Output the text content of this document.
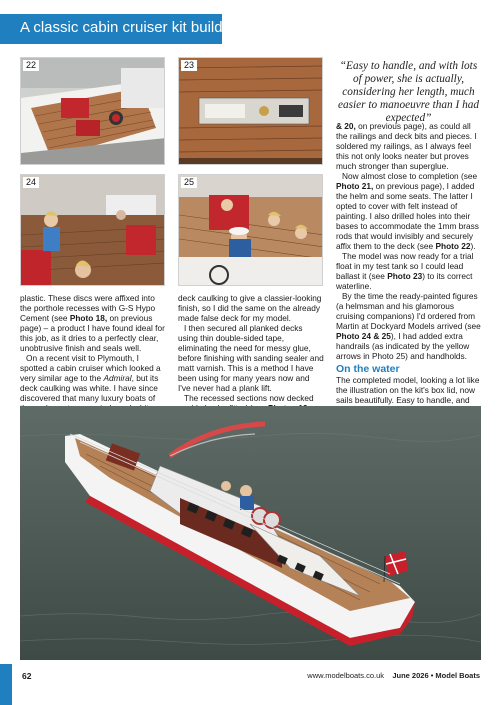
A classic cabin cruiser kit build
22	23
24	25

plastic. These discs were affixed into the porthole recesses with G-S Hypo Cement (see Photo 18, on previous page) – a product I have found ideal for this job, as it dries to a perfectly clear, unobtrusive finish and seals well.

On a recent visit to Plymouth, I spotted a cabin cruiser which looked a very similar age to the Admiral, but its deck caulking was white. I have since discovered that many luxury boats of

deck caulking to give a classier-looking finish, so I did the same on the already made false deck for my model.

I then secured all planked decks using thin double-sided tape, eliminating the need for messy glue, before finishing with sanding sealer and matt varnish. This is a method I have been using for many years now and I've never had a plank lift.

The recessed sections now decked

“Easy to handle, and with lots of power, she is actually, considering her length, much easier to manoeuvre than I had expected”

& 20, on previous page), as could all the railings and deck bits and pieces. I soldered my railings, as I always feel this not only looks neater but proves much stronger than superglue.

Now almost close to completion (see Photo 21, on previous page), I added the helm and some seats. The latter I opted to cover with felt instead of painting. I also drilled holes into their bases to accommodate the 1mm brass rods that would invisibly and securely affix them to the deck (see Photo 22).

The model was now ready for a trial float in my test tank so I could lead ballast it (see Photo 23) to its correct waterline.

By the time the ready-painted figures (a helmsman and his glamorous cruising companions) I'd ordered from Martin at Dockyard Models arrived (see Photo 24 & 25), I had added extra handrails (as indicated by the yellow arrows in Photo 25) and handholds.

On the water

The completed model, looking a lot like the illustration on the kit's box lid, now sails beautifully. Easy to handle, and

62	www.modelboats.co.uk June 2026 • Model Boats
